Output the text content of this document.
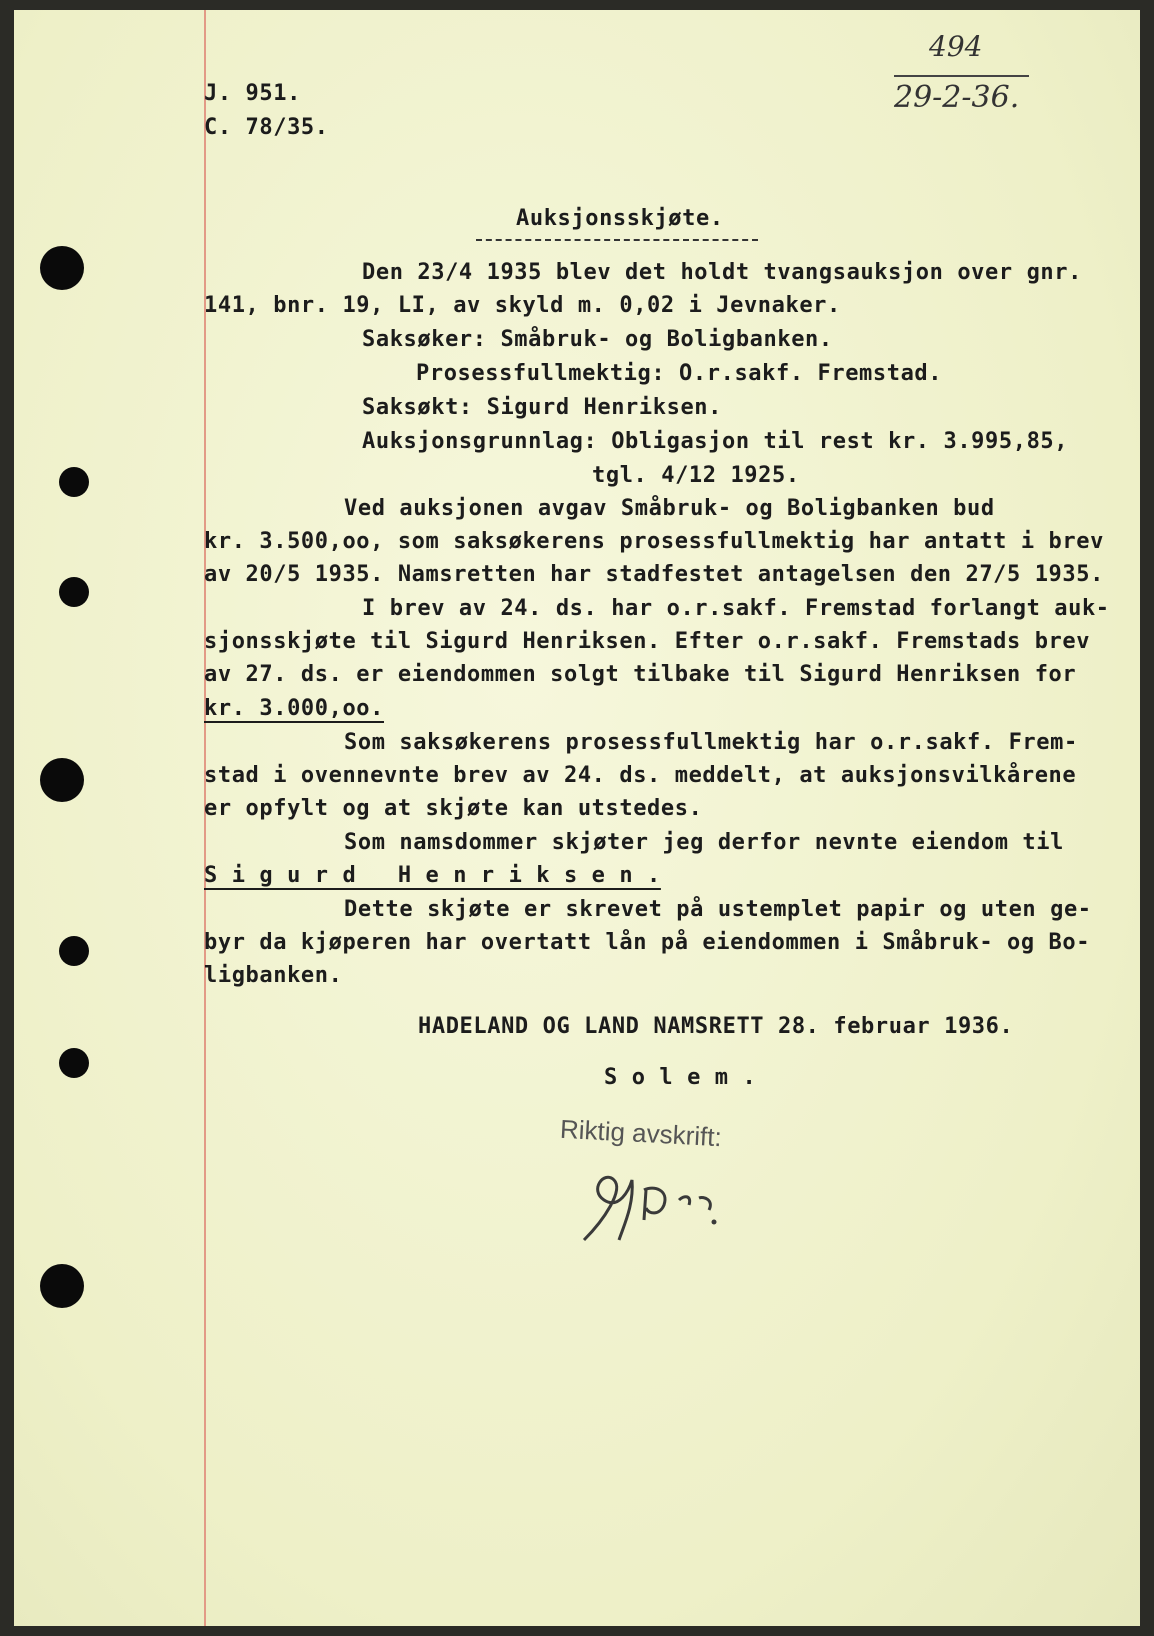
J. 951.
C. 78/35.
494
29-2-36.
Auksjonsskjøte.
Den 23/4 1935 blev det holdt tvangsauksjon over gnr.
141, bnr. 19, LI, av skyld m. 0,02 i Jevnaker.
Saksøker: Småbruk- og Boligbanken.
Prosessfullmektig: O.r.sakf. Fremstad.
Saksøkt: Sigurd Henriksen.
Auksjonsgrunnlag: Obligasjon til rest kr. 3.995,85,
tgl. 4/12 1925.
Ved auksjonen avgav Småbruk- og Boligbanken bud
kr. 3.500,oo, som saksøkerens prosessfullmektig har antatt i brev
av 20/5 1935. Namsretten har stadfestet antagelsen den 27/5 1935.
I brev av 24. ds. har o.r.sakf. Fremstad forlangt auk-
sjonsskjøte til Sigurd Henriksen. Efter o.r.sakf. Fremstads brev
av 27. ds. er eiendommen solgt tilbake til Sigurd Henriksen for
kr. 3.000,oo.
Som saksøkerens prosessfullmektig har o.r.sakf. Frem-
stad i ovennevnte brev av 24. ds. meddelt, at auksjonsvilkårene
er opfylt og at skjøte kan utstedes.
Som namsdommer skjøter jeg derfor nevnte eiendom til
S i g u r d   H e n r i k s e n .
Dette skjøte er skrevet på ustemplet papir og uten ge-
byr da kjøperen har overtatt lån på eiendommen i Småbruk- og Bo-
ligbanken.
HADELAND OG LAND NAMSRETT 28. februar 1936.
S o l e m .
Riktig avskrift:
